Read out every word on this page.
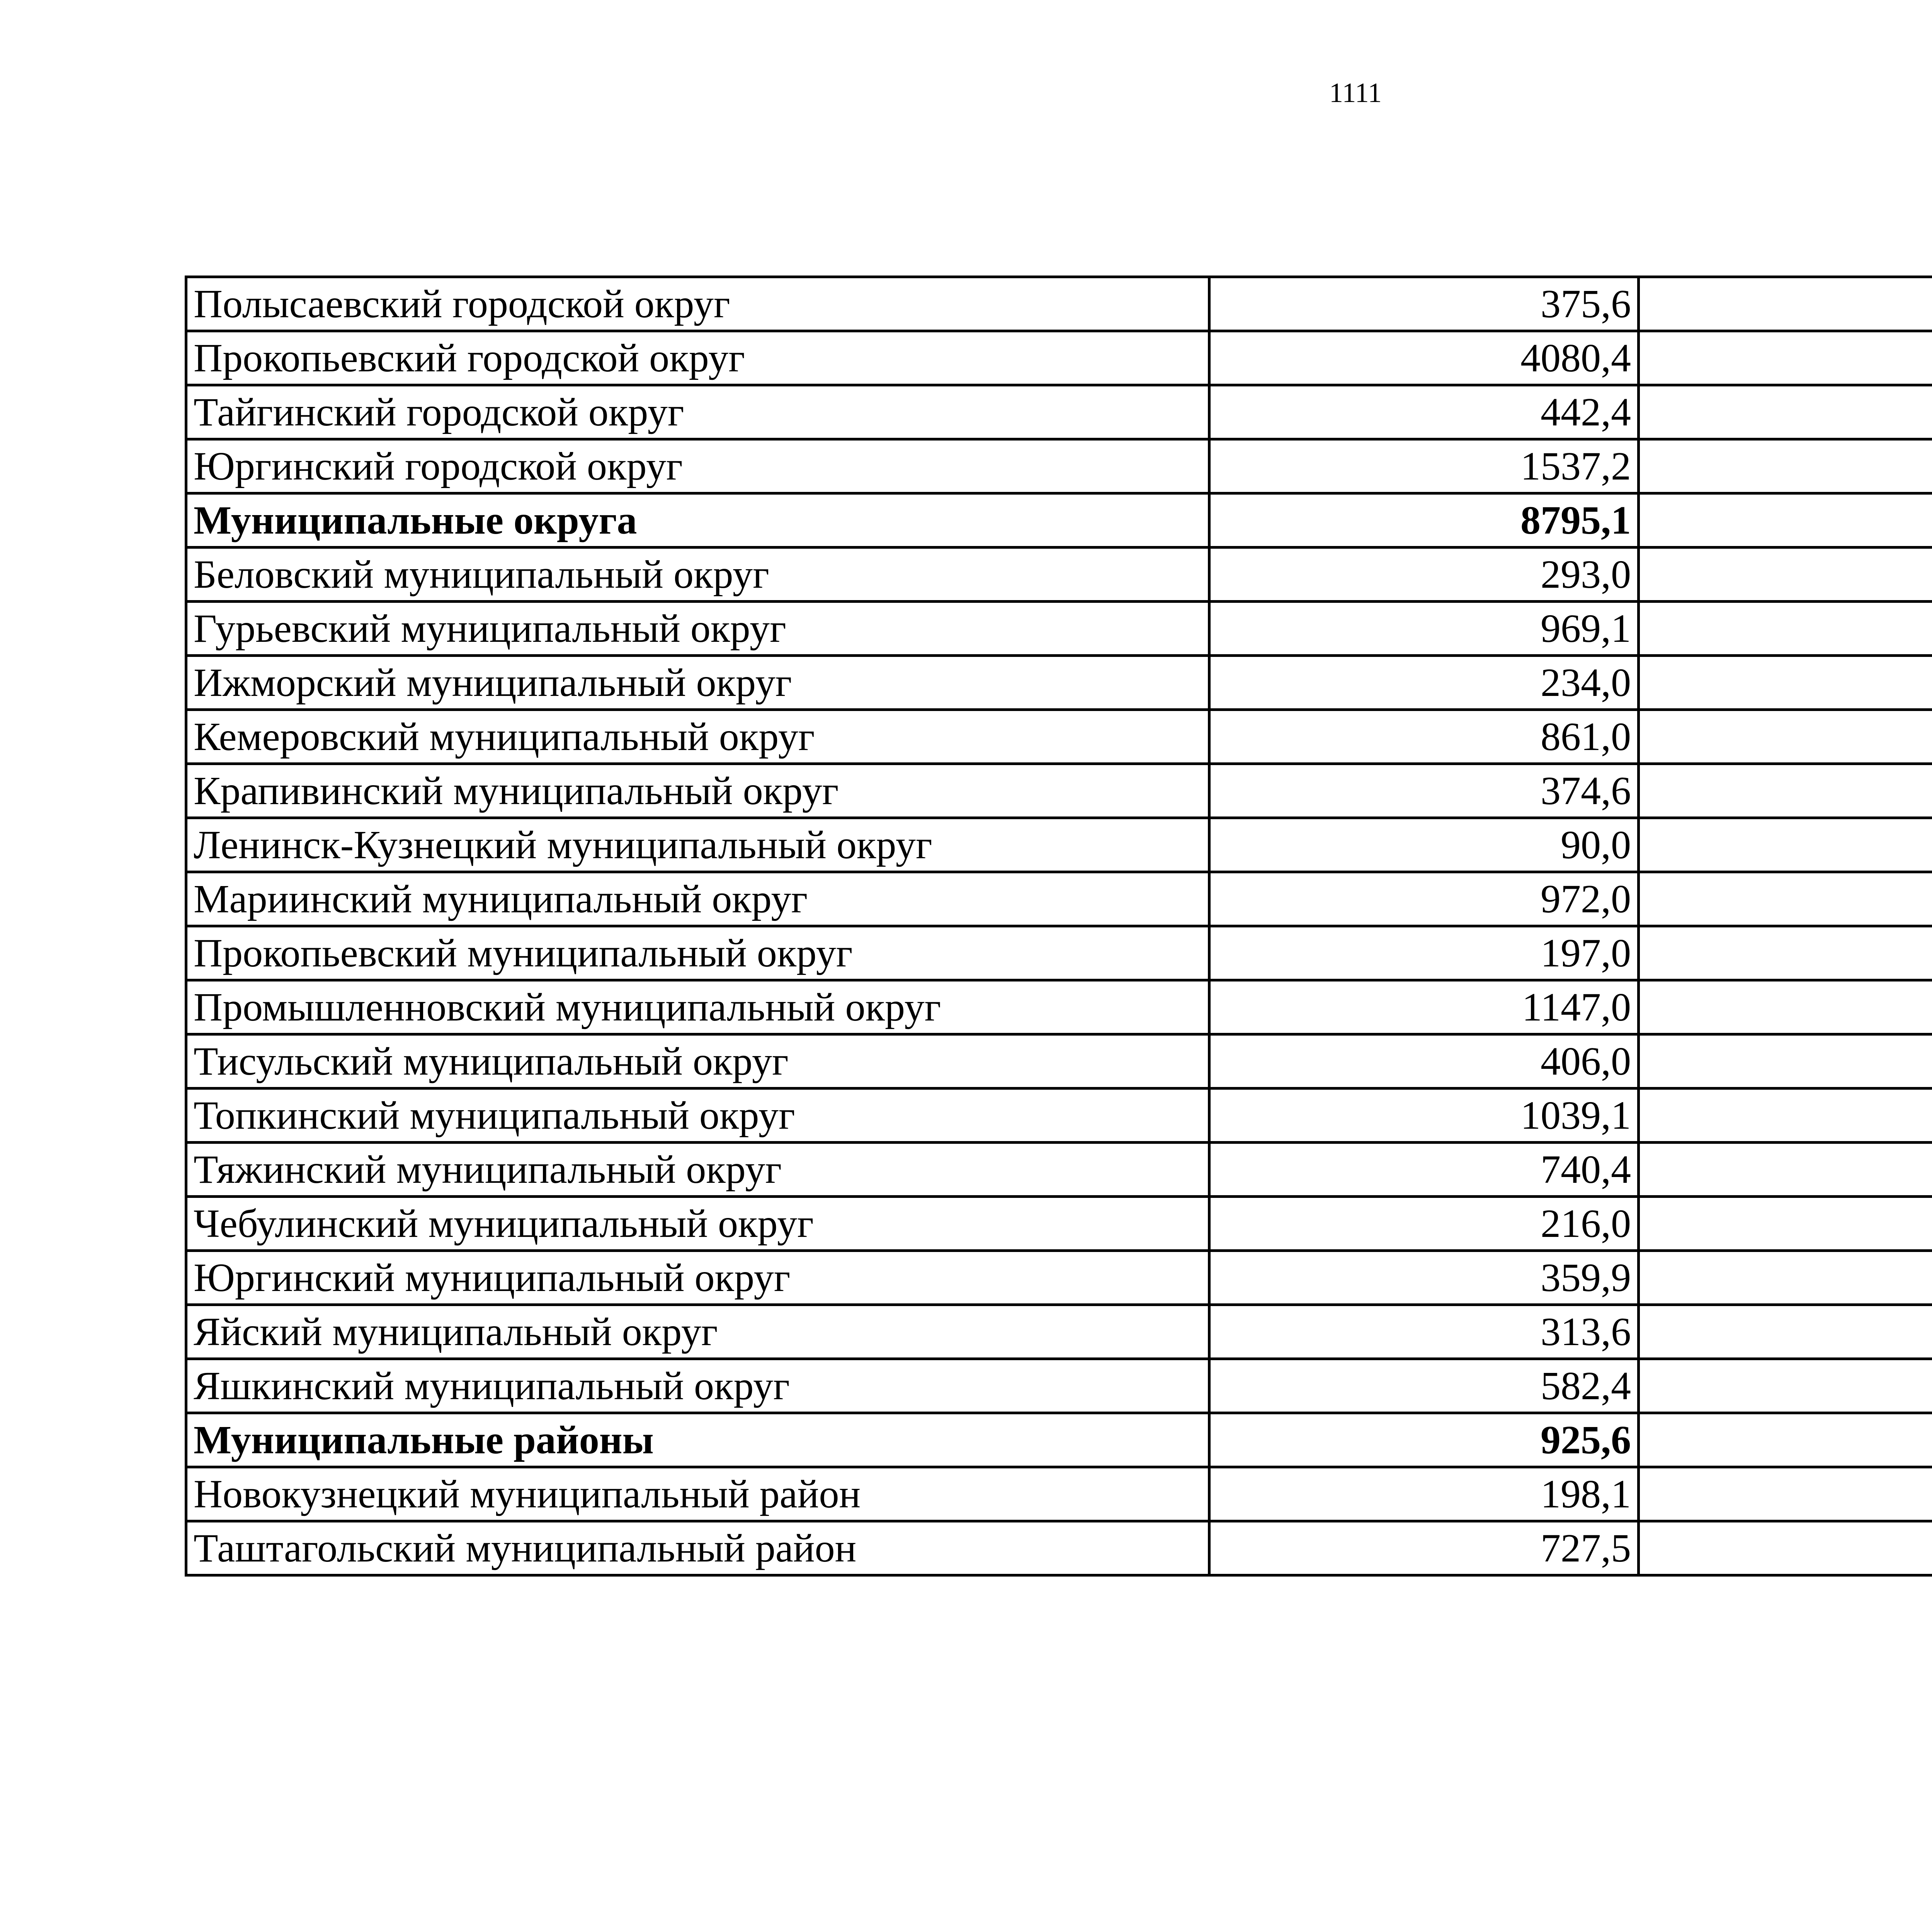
1111
Полысаевский городской округ	375,6		
Прокопьевский городской округ	4080,4		
Тайгинский городской округ	442,4		
Юргинский городской округ	1537,2		
Муниципальные округа	8795,1		
Беловский муниципальный округ	293,0		
Гурьевский муниципальный округ	969,1		
Ижморский муниципальный округ	234,0		
Кемеровский муниципальный округ	861,0		
Крапивинский муниципальный округ	374,6		
Ленинск-Кузнецкий муниципальный округ	90,0		
Мариинский муниципальный округ	972,0		
Прокопьевский муниципальный округ	197,0		
Промышленновский муниципальный округ	1147,0		
Тисульский муниципальный округ	406,0		
Топкинский муниципальный округ	1039,1		
Тяжинский муниципальный округ	740,4		
Чебулинский муниципальный округ	216,0		
Юргинский муниципальный округ	359,9		
Яйский муниципальный округ	313,6		
Яшкинский муниципальный округ	582,4		
Муниципальные районы	925,6		
Новокузнецкий муниципальный район	198,1		
Таштагольский муниципальный район	727,5		
